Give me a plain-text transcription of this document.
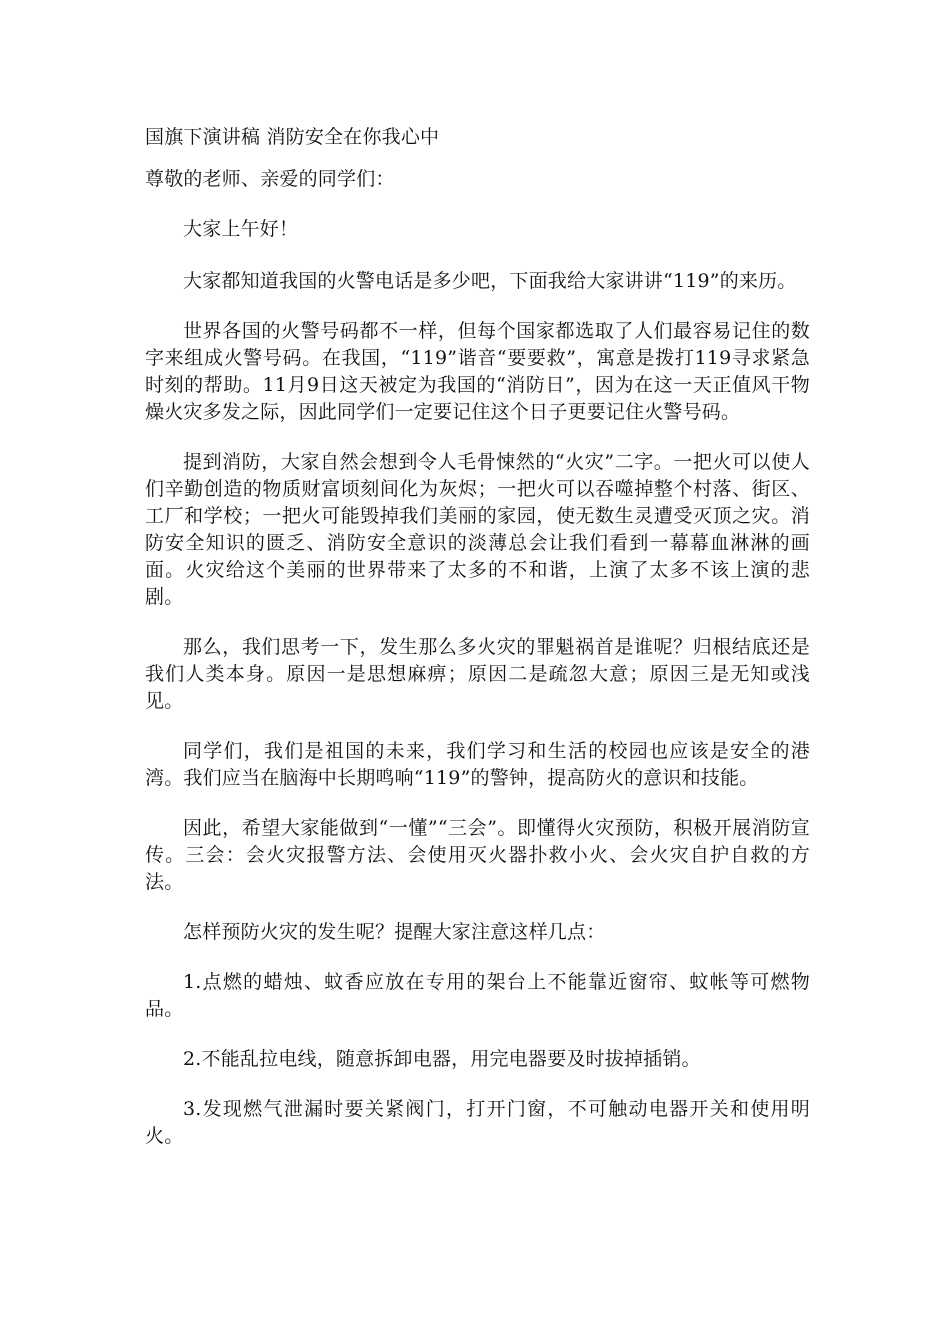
国旗下演讲稿 消防安全在你我心中

尊敬的老师、亲爱的同学们：

大家上午好！

大家都知道我国的火警电话是多少吧，下面我给大家讲讲“119”的来历。

世界各国的火警号码都不一样，但每个国家都选取了人们最容易记住的数字来组成火警号码。在我国，“119”谐音“要要救”，寓意是拨打119寻求紧急时刻的帮助。11月9日这天被定为我国的“消防日”，因为在这一天正值风干物燥火灾多发之际，因此同学们一定要记住这个日子更要记住火警号码。

提到消防，大家自然会想到令人毛骨悚然的“火灾”二字。一把火可以使人们辛勤创造的物质财富顷刻间化为灰烬；一把火可以吞噬掉整个村落、街区、工厂和学校；一把火可能毁掉我们美丽的家园，使无数生灵遭受灭顶之灾。消防安全知识的匮乏、消防安全意识的淡薄总会让我们看到一幕幕血淋淋的画面。火灾给这个美丽的世界带来了太多的不和谐，上演了太多不该上演的悲剧。

那么，我们思考一下，发生那么多火灾的罪魁祸首是谁呢？归根结底还是我们人类本身。原因一是思想麻痹；原因二是疏忽大意；原因三是无知或浅见。

同学们，我们是祖国的未来，我们学习和生活的校园也应该是安全的港湾。我们应当在脑海中长期鸣响“119”的警钟，提高防火的意识和技能。

因此，希望大家能做到“一懂”“三会”。即懂得火灾预防，积极开展消防宣传。三会：会火灾报警方法、会使用灭火器扑救小火、会火灾自护自救的方法。

怎样预防火灾的发生呢？提醒大家注意这样几点：

1.点燃的蜡烛、蚊香应放在专用的架台上不能靠近窗帘、蚊帐等可燃物品。

2.不能乱拉电线，随意拆卸电器，用完电器要及时拔掉插销。

3.发现燃气泄漏时要关紧阀门，打开门窗，不可触动电器开关和使用明火。
